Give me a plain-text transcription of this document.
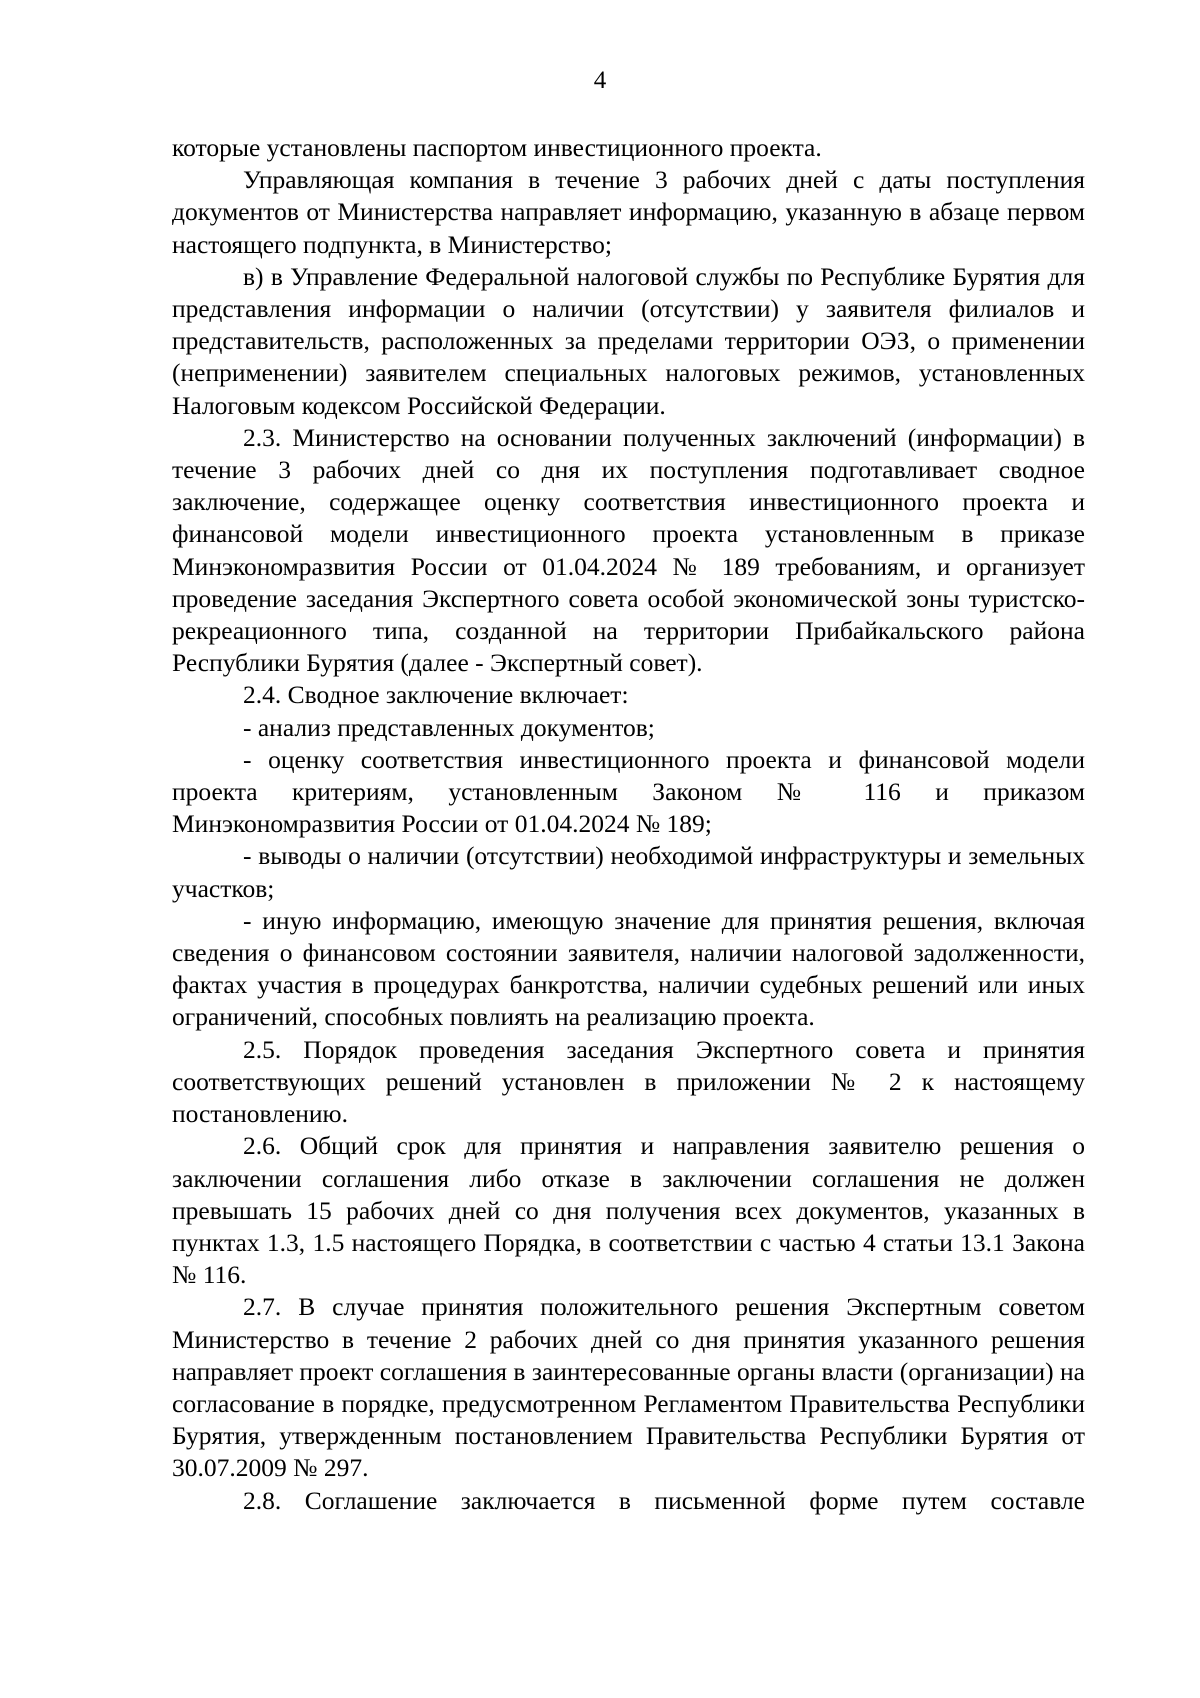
4

которые установлены паспортом инвестиционного проекта.

Управляющая компания в течение 3 рабочих дней с даты поступления документов от Министерства направляет информацию, указанную в абзаце первом настоящего подпункта, в Министерство;

в) в Управление Федеральной налоговой службы по Республике Бурятия для представления информации о наличии (отсутствии) у заявителя филиалов и представительств, расположенных за пределами территории ОЭЗ, о применении (неприменении) заявителем специальных налоговых режимов, установленных Налоговым кодексом Российской Федерации.

2.3. Министерство на основании полученных заключений (информации) в течение 3 рабочих дней со дня их поступления подготавливает сводное заключение, содержащее оценку соответствия инвестиционного проекта и финансовой модели инвестиционного проекта установленным в приказе Минэкономразвития России от 01.04.2024 № 189 требованиям, и организует проведение заседания Экспертного совета особой экономической зоны туристско-рекреационного типа, созданной на территории Прибайкальского района Республики Бурятия (далее - Экспертный совет).

2.4. Сводное заключение включает:

- анализ представленных документов;

- оценку соответствия инвестиционного проекта и финансовой модели проекта критериям, установленным Законом № 116 и приказом Минэкономразвития России от 01.04.2024 № 189;

- выводы о наличии (отсутствии) необходимой инфраструктуры и земельных участков;

- иную информацию, имеющую значение для принятия решения, включая сведения о финансовом состоянии заявителя, наличии налоговой задолженности, фактах участия в процедурах банкротства, наличии судебных решений или иных ограничений, способных повлиять на реализацию проекта.

2.5. Порядок проведения заседания Экспертного совета и принятия соответствующих решений установлен в приложении № 2 к настоящему постановлению.

2.6. Общий срок для принятия и направления заявителю решения о заключении соглашения либо отказе в заключении соглашения не должен превышать 15 рабочих дней со дня получения всех документов, указанных в пунктах 1.3, 1.5 настоящего Порядка, в соответствии с частью 4 статьи 13.1 Закона № 116.

2.7. В случае принятия положительного решения Экспертным советом Министерство в течение 2 рабочих дней со дня принятия указанного решения направляет проект соглашения в заинтересованные органы власти (организации) на согласование в порядке, предусмотренном Регламентом Правительства Республики Бурятия, утвержденным постановлением Правительства Республики Бурятия от 30.07.2009 № 297.

2.8. Соглашение заключается в письменной форме путем составле
